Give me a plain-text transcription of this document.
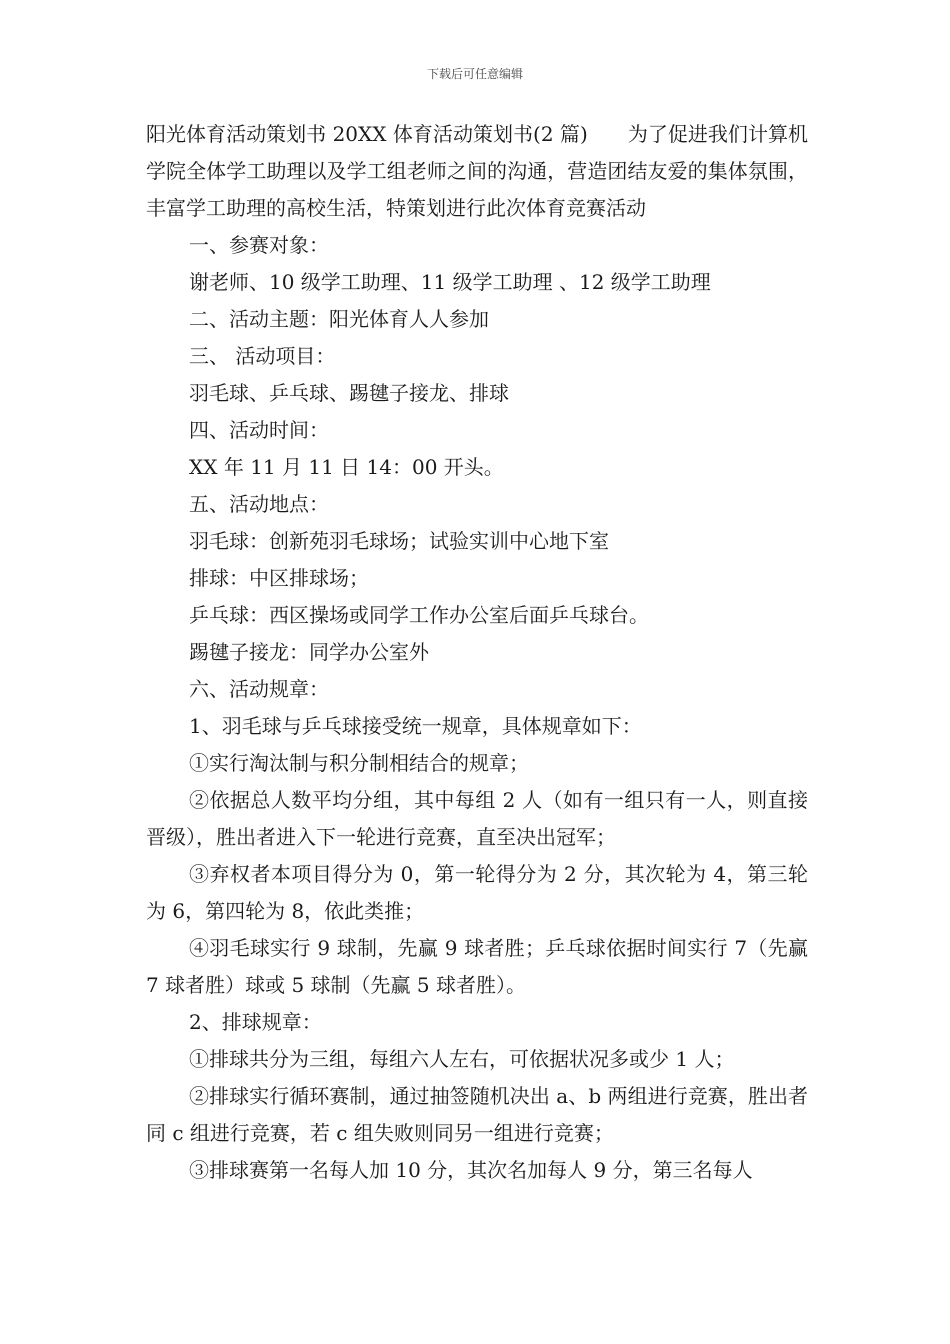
下载后可任意编辑

阳光体育活动策划书 20XX 体育活动策划书(2 篇)　　为了促进我们计算机学院全体学工助理以及学工组老师之间的沟通，营造团结友爱的集体氛围，丰富学工助理的高校生活，特策划进行此次体育竞赛活动

一、参赛对象：

谢老师、10 级学工助理、11 级学工助理 、12 级学工助理

二、活动主题：阳光体育人人参加

三、 活动项目：

羽毛球、乒乓球、踢毽子接龙、排球

四、活动时间：

XX 年 11 月 11 日 14：00 开头。

五、活动地点：

羽毛球：创新苑羽毛球场；试验实训中心地下室

排球：中区排球场；

乒乓球：西区操场或同学工作办公室后面乒乓球台。

踢毽子接龙：同学办公室外

六、活动规章：

1、羽毛球与乒乓球接受统一规章，具体规章如下：

①实行淘汰制与积分制相结合的规章；

②依据总人数平均分组，其中每组 2 人（如有一组只有一人，则直接晋级），胜出者进入下一轮进行竞赛，直至决出冠军；

③弃权者本项目得分为 0，第一轮得分为 2 分，其次轮为 4，第三轮为 6，第四轮为 8，依此类推；

④羽毛球实行 9 球制，先赢 9 球者胜；乒乓球依据时间实行 7（先赢 7 球者胜）球或 5 球制（先赢 5 球者胜）。

2、排球规章：

①排球共分为三组，每组六人左右，可依据状况多或少 1 人；

②排球实行循环赛制，通过抽签随机决出 a、b 两组进行竞赛，胜出者同 c 组进行竞赛，若 c 组失败则同另一组进行竞赛；

③排球赛第一名每人加 10 分，其次名加每人 9 分，第三名每人
